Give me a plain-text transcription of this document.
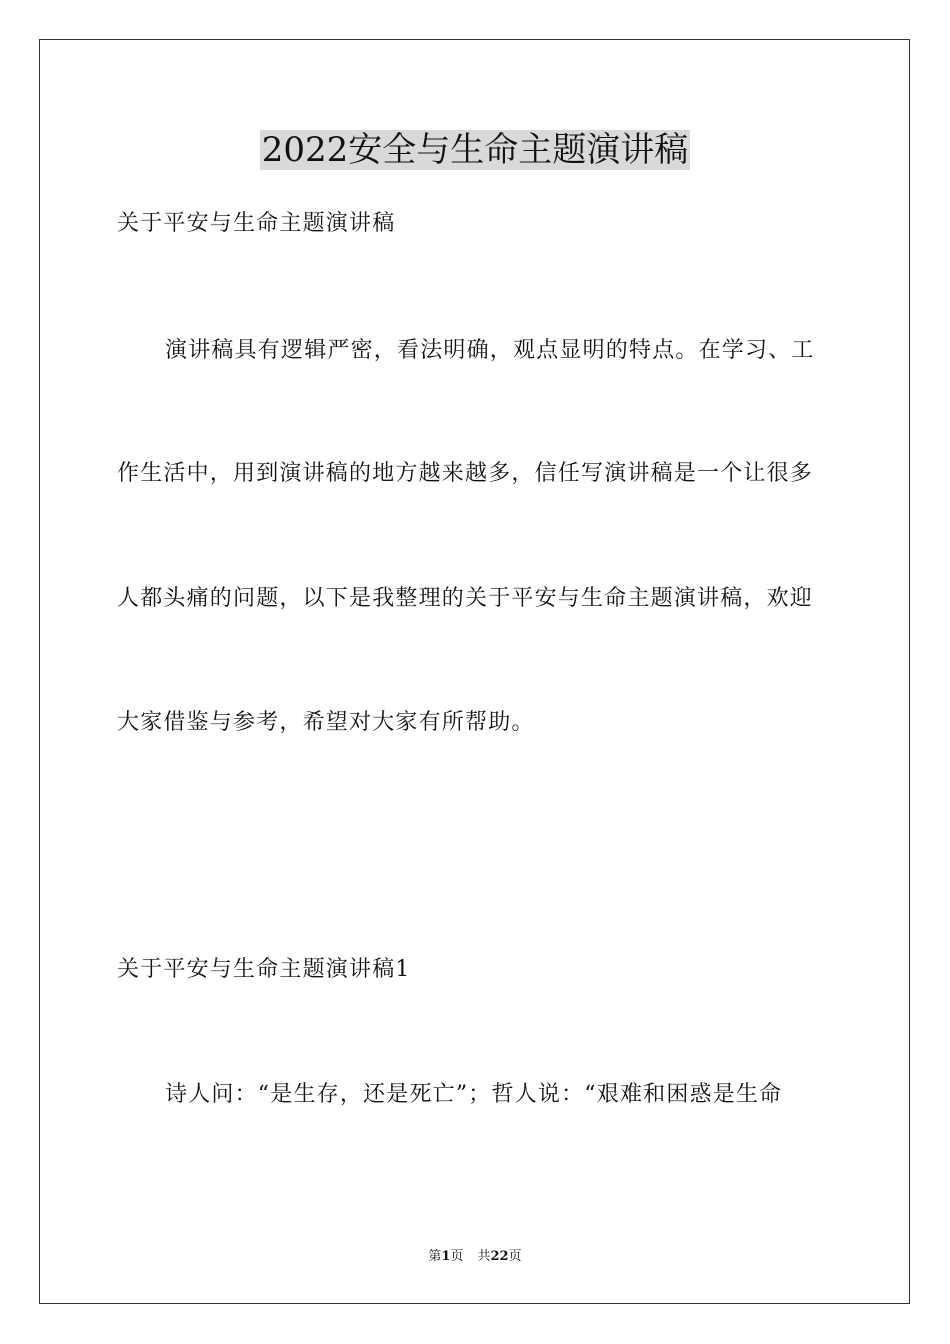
2022安全与生命主题演讲稿
关于平安与生命主题演讲稿
演讲稿具有逻辑严密，看法明确，观点显明的特点。在学习、工
作生活中，用到演讲稿的地方越来越多，信任写演讲稿是一个让很多
人都头痛的问题，以下是我整理的关于平安与生命主题演讲稿，欢迎
大家借鉴与参考，希望对大家有所帮助。
关于平安与生命主题演讲稿1
诗人问：“是生存，还是死亡”；哲人说：“艰难和困惑是生命
第1页 共22页
